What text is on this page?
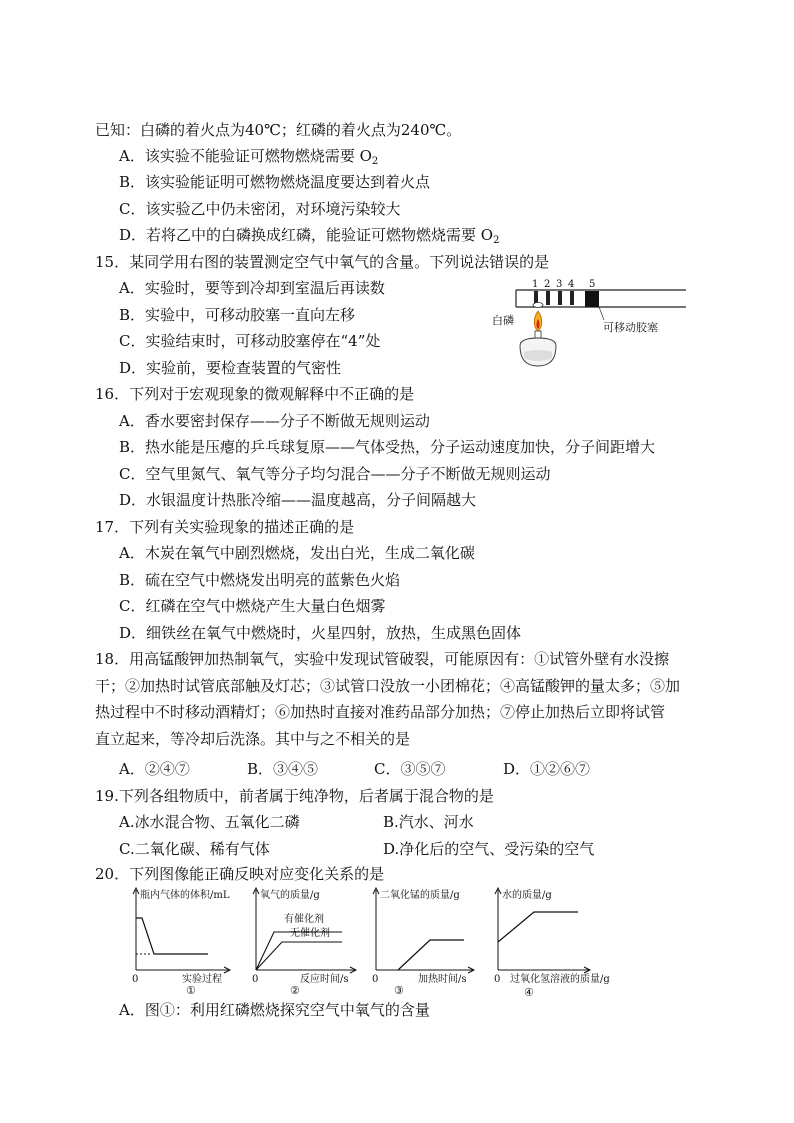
已知：白磷的着火点为40℃；红磷的着火点为240℃。
A．该实验不能验证可燃物燃烧需要 $O_2$
B．该实验能证明可燃物燃烧温度要达到着火点
C．该实验乙中仍未密闭，对环境污染较大
D．若将乙中的白磷换成红磷，能验证可燃物燃烧需要 $O_2$
15．某同学用右图的装置测定空气中氧气的含量。下列说法错误的是
A．实验时，要等到冷却到室温后再读数
B．实验中，可移动胶塞一直向左移
C．实验结束时，可移动胶塞停在“4”处
D．实验前，要检查装置的气密性
1 2 3 4 5
白磷
可移动胶塞
16．下列对于宏观现象的微观解释中不正确的是
A．香水要密封保存——分子不断做无规则运动
B．热水能是压瘪的乒乓球复原——气体受热，分子运动速度加快，分子间距增大
C．空气里氮气、氧气等分子均匀混合——分子不断做无规则运动
D．水银温度计热胀冷缩——温度越高，分子间隔越大
17．下列有关实验现象的描述正确的是
A．木炭在氧气中剧烈燃烧，发出白光，生成二氧化碳
B．硫在空气中燃烧发出明亮的蓝紫色火焰
C．红磷在空气中燃烧产生大量白色烟雾
D．细铁丝在氧气中燃烧时，火星四射，放热，生成黑色固体
18．用高锰酸钾加热制氧气，实验中发现试管破裂，可能原因有：①试管外壁有水没擦
干；②加热时试管底部触及灯芯；③试管口没放一小团棉花；④高锰酸钾的量太多；⑤加
热过程中不时移动酒精灯；⑥加热时直接对准药品部分加热；⑦停止加热后立即将试管
直立起来，等冷却后洗涤。其中与之不相关的是
A．②④⑦	B．③④⑤	C．③⑤⑦	D．①②⑥⑦
19.下列各组物质中，前者属于纯净物，后者属于混合物的是
A.冰水混合物、五氧化二磷	B.汽水、河水
C.二氧化碳、稀有气体	D.净化后的空气、受污染的空气
20．下列图像能正确反映对应变化关系的是
瓶内气体的体积/mL
0	实验过程
①
氧气的质量/g
有催化剂
无催化剂
0	反应时间/s
②
二氧化锰的质量/g
0	加热时间/s
③
水的质量/g
0 过氧化氢溶液的质量/g
④
A．图①：利用红磷燃烧探究空气中氧气的含量
